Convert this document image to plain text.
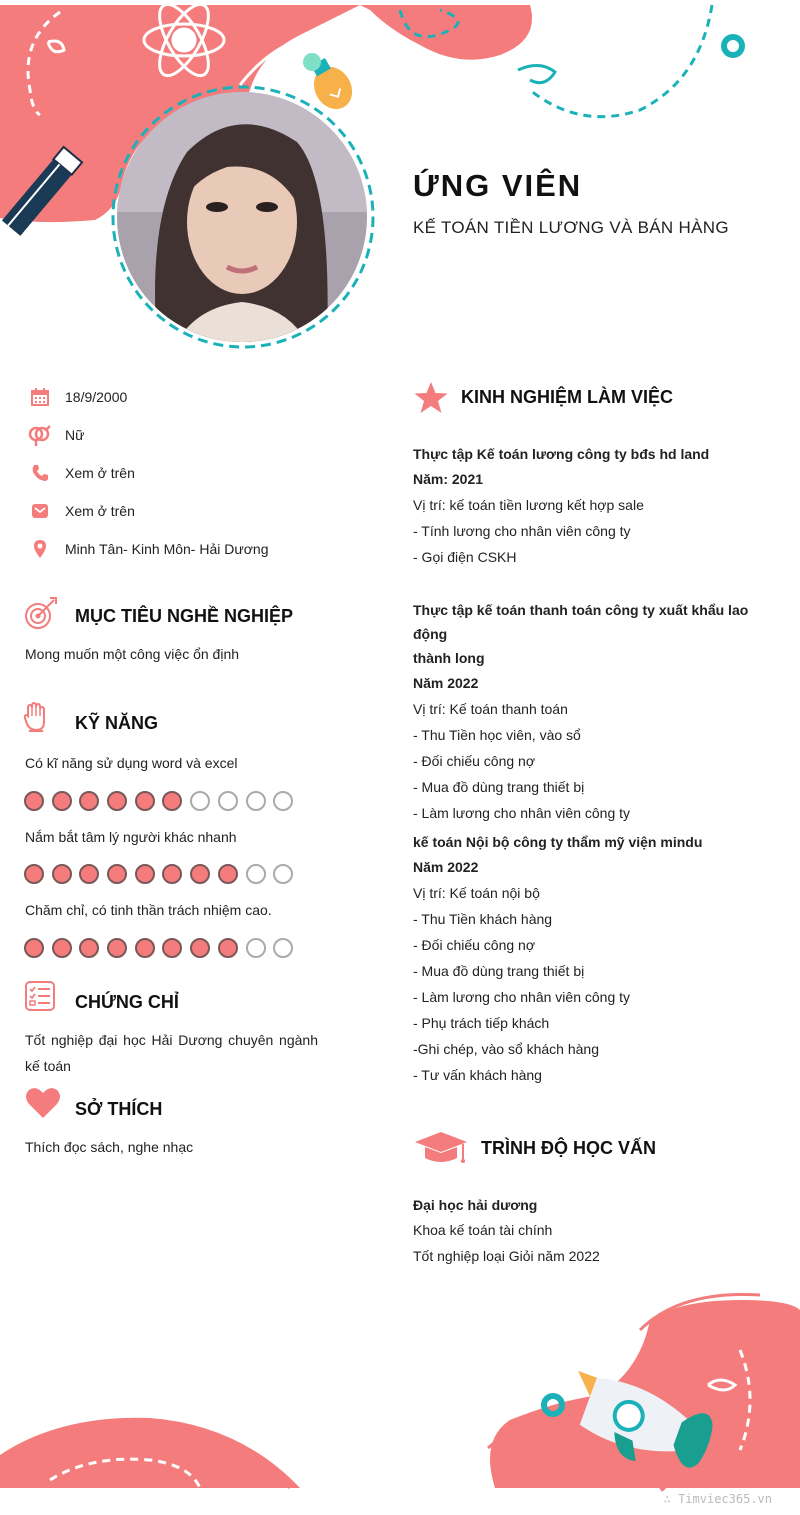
ỨNG VIÊN
KẾ TOÁN TIỀN LƯƠNG VÀ BÁN HÀNG
18/9/2000
Nữ
Xem ở trên
Xem ở trên
Minh Tân- Kinh Môn- Hải Dương
MỤC TIÊU NGHỀ NGHIỆP
Mong muốn một công việc ổn định
KỸ NĂNG
Có kĩ năng sử dụng word và excel
Nắm bắt tâm lý người khác nhanh
Chăm chỉ, có tinh thần trách nhiệm cao.
CHỨNG CHỈ
Tốt nghiệp đại học Hải Dương chuyên ngành
kế toán
SỞ THÍCH
Thích đọc sách, nghe nhạc
KINH NGHIỆM LÀM VIỆC
Thực tập Kế toán lương công ty bđs hd land
Năm: 2021
Vị trí: kế toán tiền lương kết hợp sale
- Tính lương cho nhân viên công ty
- Gọi điện CSKH
Thực tập kế toán thanh toán công ty xuất khẩu lao động
thành long
Năm 2022
Vị trí: Kế toán thanh toán
- Thu Tiền học viên, vào sổ
- Đối chiếu công nợ
- Mua đồ dùng trang thiết bị
- Làm lương cho nhân viên công ty
kế toán Nội bộ công ty thẩm mỹ viện mindu
Năm 2022
Vị trí: Kế toán nội bộ
- Thu Tiền khách hàng
- Đối chiếu công nợ
- Mua đồ dùng trang thiết bị
- Làm lương cho nhân viên công ty
- Phụ trách tiếp khách
-Ghi chép, vào sổ khách hàng
- Tư vấn khách hàng
TRÌNH ĐỘ HỌC VẤN
Đại học hải dương
Khoa kế toán tài chính
Tốt nghiệp loại Giỏi năm 2022
∴ Timviec365.vn
